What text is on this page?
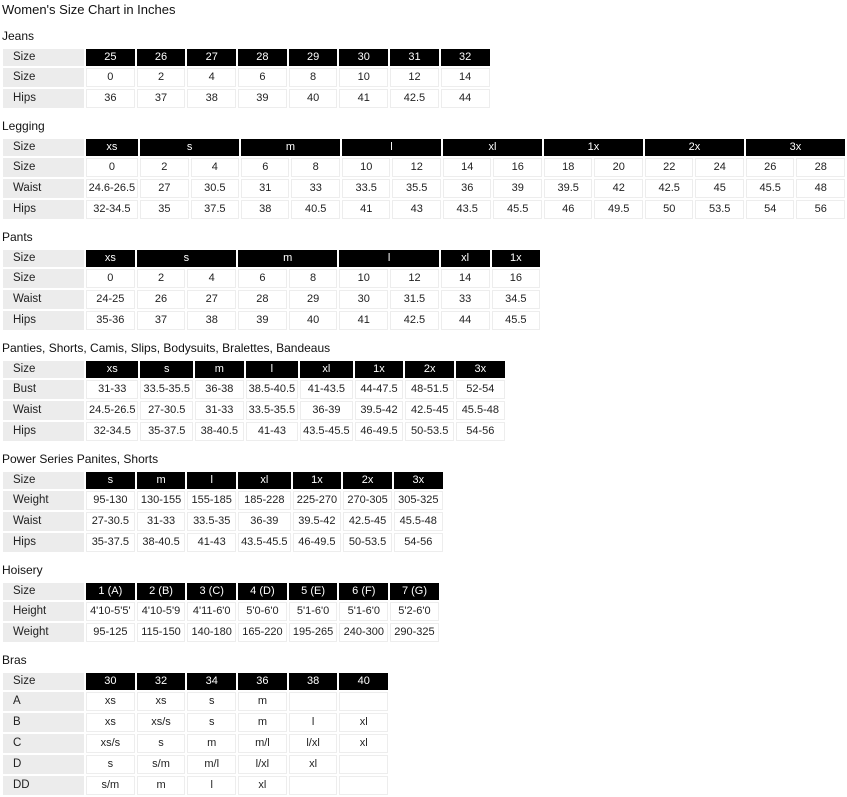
Women's Size Chart in Inches
Jeans
Size	25	26	27	28	29	30	31	32
Size	0	2	4	6	8	10	12	14
Hips	36	37	38	39	40	41	42.5	44
Legging
Size	xs	s		m		l		xl		1x		2x		3x	
Size	0	2	4	6	8	10	12	14	16	18	20	22	24	26	28
Waist	24.6-26.5	27	30.5	31	33	33.5	35.5	36	39	39.5	42	42.5	45	45.5	48
Hips	32-34.5	35	37.5	38	40.5	41	43	43.5	45.5	46	49.5	50	53.5	54	56
Pants
Size	xs	s		m		l		xl	1x
Size	0	2	4	6	8	10	12	14	16
Waist	24-25	26	27	28	29	30	31.5	33	34.5
Hips	35-36	37	38	39	40	41	42.5	44	45.5
Panties, Shorts, Camis, Slips, Bodysuits, Bralettes, Bandeaus
Size	xs	s	m	l	xl	1x	2x	3x
Bust	31-33	33.5-35.5	36-38	38.5-40.5	41-43.5	44-47.5	48-51.5	52-54
Waist	24.5-26.5	27-30.5	31-33	33.5-35.5	36-39	39.5-42	42.5-45	45.5-48
Hips	32-34.5	35-37.5	38-40.5	41-43	43.5-45.5	46-49.5	50-53.5	54-56
Power Series Panites, Shorts
Size	s	m	l	xl	1x	2x	3x
Weight	95-130	130-155	155-185	185-228	225-270	270-305	305-325
Waist	27-30.5	31-33	33.5-35	36-39	39.5-42	42.5-45	45.5-48
Hips	35-37.5	38-40.5	41-43	43.5-45.5	46-49.5	50-53.5	54-56
Hoisery
Size	1 (A)	2 (B)	3 (C)	4 (D)	5 (E)	6 (F)	7 (G)
Height	4'10-5'5'	4'10-5'9	4'11-6'0	5'0-6'0	5'1-6'0	5'1-6'0	5'2-6'0
Weight	95-125	115-150	140-180	165-220	195-265	240-300	290-325
Bras
Size	30	32	34	36	38	40
A	xs	xs	s	m		
B	xs	xs/s	s	m	l	xl
C	xs/s	s	m	m/l	l/xl	xl
D	s	s/m	m/l	l/xl	xl	
DD	s/m	m	l	xl		
